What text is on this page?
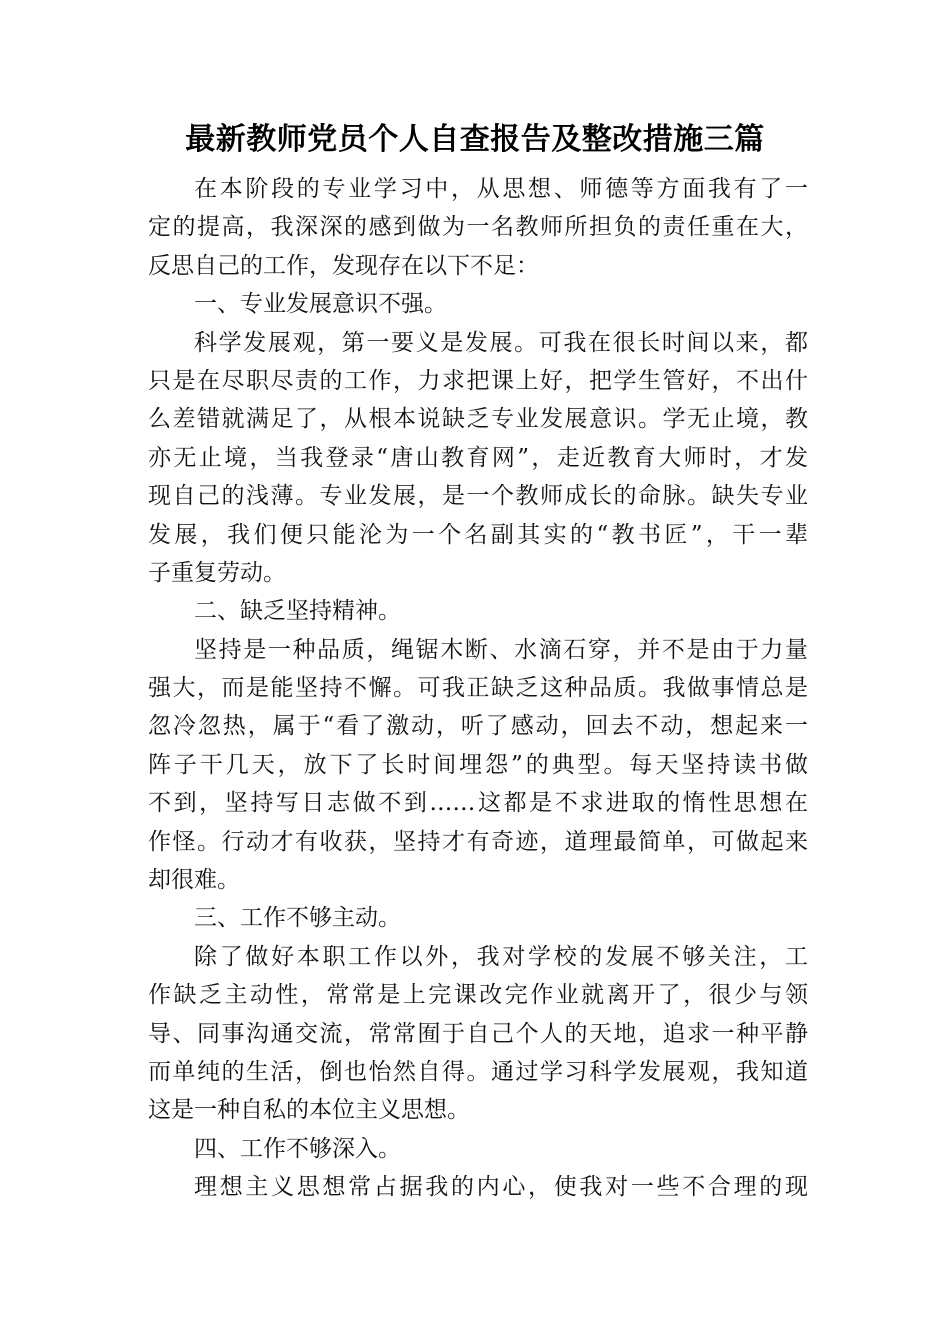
最新教师党员个人自查报告及整改措施三篇
在本阶段的专业学习中，从思想、师德等方面我有了一
定的提高，我深深的感到做为一名教师所担负的责任重在大，
反思自己的工作，发现存在以下不足：
一、专业发展意识不强。
科学发展观，第一要义是发展。可我在很长时间以来，都
只是在尽职尽责的工作，力求把课上好，把学生管好，不出什
么差错就满足了，从根本说缺乏专业发展意识。学无止境，教
亦无止境，当我登录“唐山教育网”，走近教育大师时，才发
现自己的浅薄。专业发展，是一个教师成长的命脉。缺失专业
发展，我们便只能沦为一个名副其实的“教书匠”，干一辈
子重复劳动。
二、缺乏坚持精神。
坚持是一种品质，绳锯木断、水滴石穿，并不是由于力量
强大，而是能坚持不懈。可我正缺乏这种品质。我做事情总是
忽冷忽热，属于“看了激动，听了感动，回去不动，想起来一
阵子干几天，放下了长时间埋怨”的典型。每天坚持读书做
不到，坚持写日志做不到……这都是不求进取的惰性思想在
作怪。行动才有收获，坚持才有奇迹，道理最简单，可做起来
却很难。
三、工作不够主动。
除了做好本职工作以外，我对学校的发展不够关注，工
作缺乏主动性，常常是上完课改完作业就离开了，很少与领
导、同事沟通交流，常常囿于自己个人的天地，追求一种平静
而单纯的生活，倒也怡然自得。通过学习科学发展观，我知道
这是一种自私的本位主义思想。
四、工作不够深入。
理想主义思想常占据我的内心，使我对一些不合理的现
